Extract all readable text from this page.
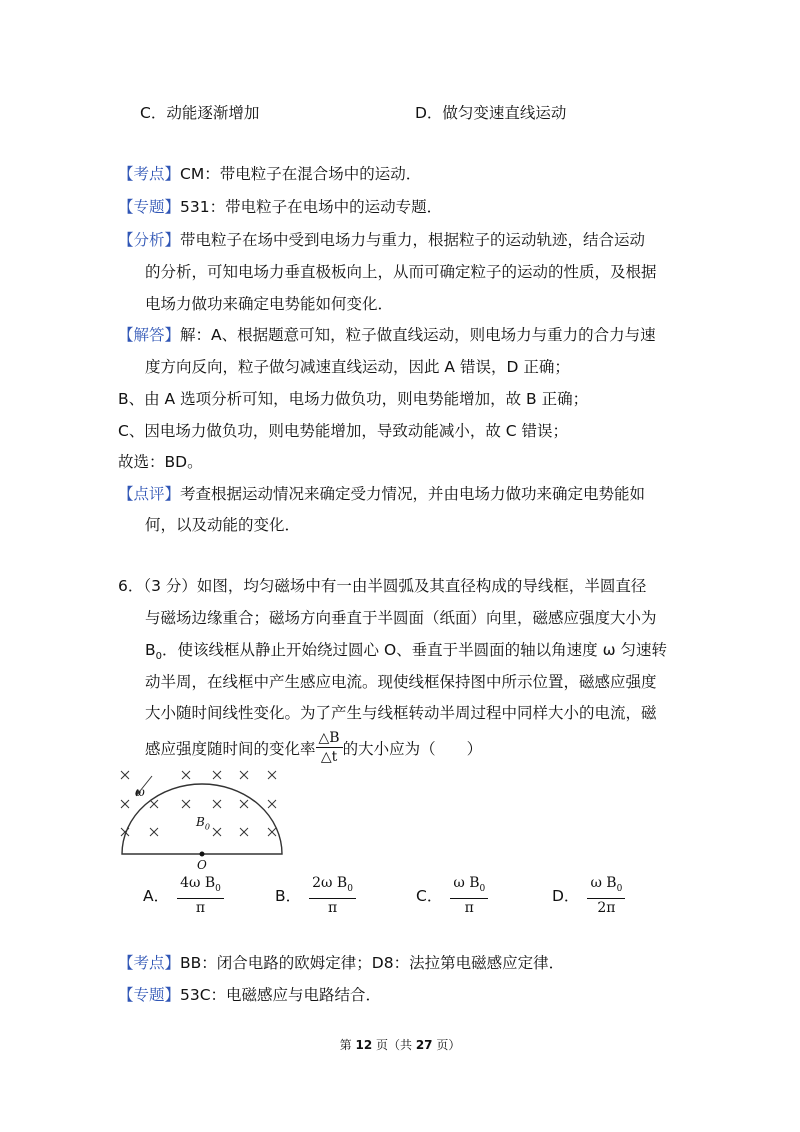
C．动能逐渐增加	D．做匀变速直线运动
【考点】CM：带电粒子在混合场中的运动．
【专题】531：带电粒子在电场中的运动专题．
【分析】带电粒子在场中受到电场力与重力，根据粒子的运动轨迹，结合运动
的分析，可知电场力垂直极板向上，从而可确定粒子的运动的性质，及根据
电场力做功来确定电势能如何变化．
【解答】解：A、根据题意可知，粒子做直线运动，则电场力与重力的合力与速
度方向反向，粒子做匀减速直线运动，因此 A 错误，D 正确；
B、由 A 选项分析可知，电场力做负功，则电势能增加，故 B 正确；
C、因电场力做负功，则电势能增加，导致动能减小，故 C 错误；
故选：BD。
【点评】考查根据运动情况来确定受力情况，并由电场力做功来确定电势能如
何，以及动能的变化．
6．（3 分）如图，均匀磁场中有一由半圆弧及其直径构成的导线框，半圆直径
与磁场边缘重合；磁场方向垂直于半圆面（纸面）向里，磁感应强度大小为
$B_0$．使该线框从静止开始绕过圆心 O、垂直于半圆面的轴以角速度 ω 匀速转
动半周，在线框中产生感应电流。现使线框保持图中所示位置，磁感应强度
大小随时间线性变化。为了产生与线框转动半周过程中同样大小的电流，磁
感应强度随时间的变化率 $\frac{\triangle B}{\triangle t}$ 的大小应为（　　）
ω
$B_0$
O
A． $\frac{4\omega B_0}{\pi}$	B． $\frac{2\omega B_0}{\pi}$	C． $\frac{\omega B_0}{\pi}$	D． $\frac{\omega B_0}{2\pi}$
【考点】BB：闭合电路的欧姆定律；D8：法拉第电磁感应定律．
【专题】53C：电磁感应与电路结合．
第 12 页（共 27 页）
